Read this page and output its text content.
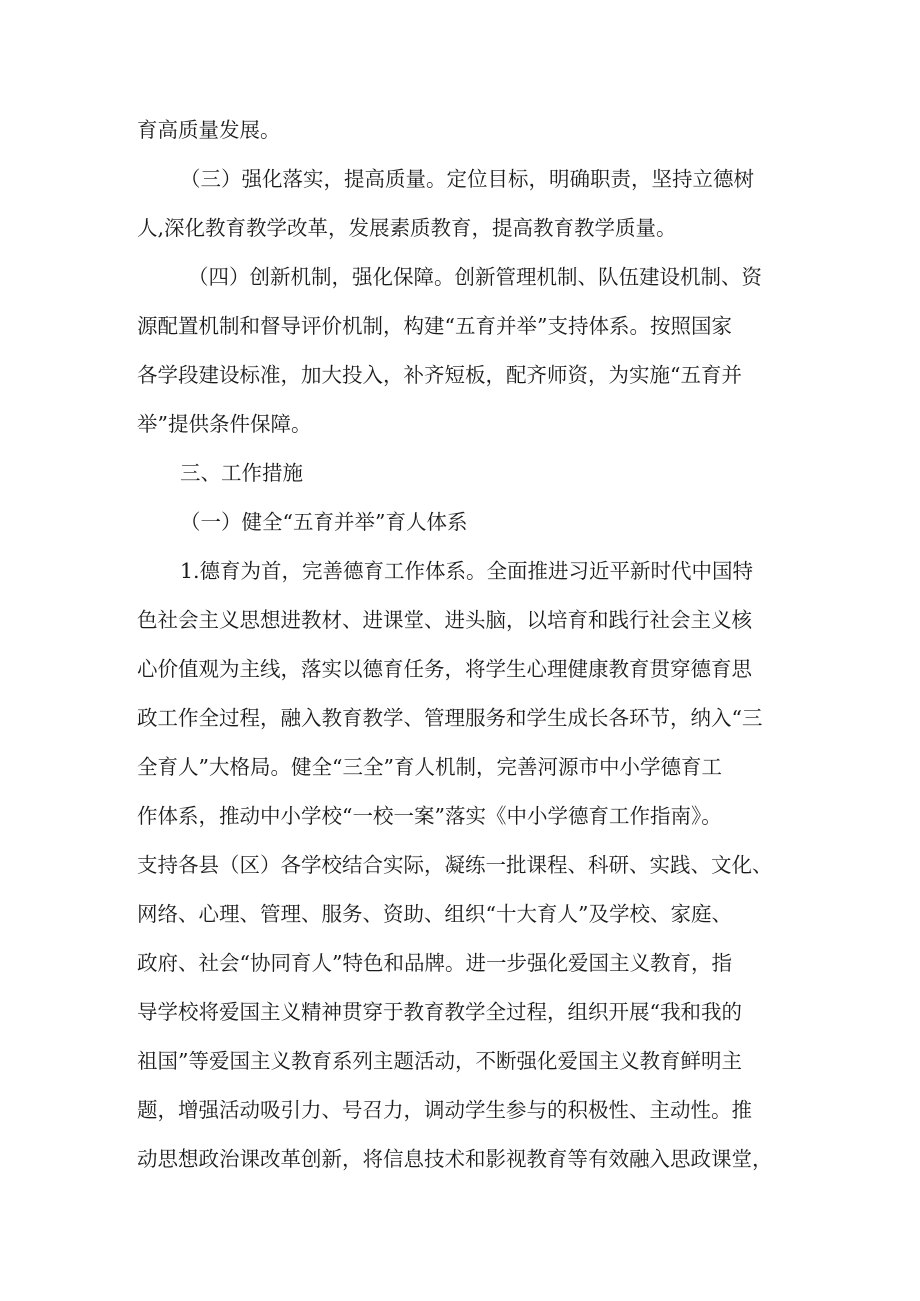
育高质量发展。
（三）强化落实，提高质量。定位目标，明确职责，坚持立德树
人,深化教育教学改革，发展素质教育，提高教育教学质量。
（四）创新机制，强化保障。创新管理机制、队伍建设机制、资
源配置机制和督导评价机制，构建“五育并举”支持体系。按照国家
各学段建设标准，加大投入，补齐短板，配齐师资，为实施“五育并
举”提供条件保障。
三、工作措施
（一）健全“五育并举”育人体系
1.德育为首，完善德育工作体系。全面推进习近平新时代中国特
色社会主义思想进教材、进课堂、进头脑，以培育和践行社会主义核
心价值观为主线，落实以德育任务，将学生心理健康教育贯穿德育思
政工作全过程，融入教育教学、管理服务和学生成长各环节，纳入“三
全育人”大格局。健全“三全”育人机制，完善河源市中小学德育工
作体系，推动中小学校“一校一案”落实《中小学德育工作指南》。
支持各县（区）各学校结合实际，凝练一批课程、科研、实践、文化、
网络、心理、管理、服务、资助、组织“十大育人”及学校、家庭、
政府、社会“协同育人”特色和品牌。进一步强化爱国主义教育，指
导学校将爱国主义精神贯穿于教育教学全过程，组织开展“我和我的
祖国”等爱国主义教育系列主题活动，不断强化爱国主义教育鲜明主
题，增强活动吸引力、号召力，调动学生参与的积极性、主动性。推
动思想政治课改革创新，将信息技术和影视教育等有效融入思政课堂，
